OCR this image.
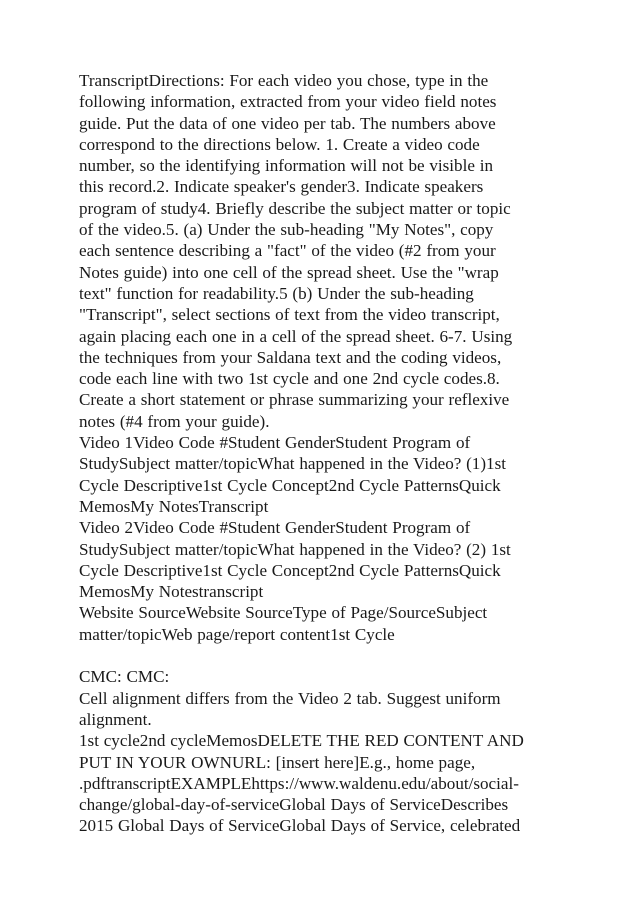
TranscriptDirections: For each video you chose, type in the
following information, extracted from your video field notes
guide. Put the data of one video per tab. The numbers above
correspond to the directions below. 1. Create a video code
number, so the identifying information will not be visible in
this record.2. Indicate speaker's gender3. Indicate speakers
program of study4. Briefly describe the subject matter or topic
of the video.5. (a) Under the sub-heading "My Notes", copy
each sentence describing a "fact" of the video (#2 from your
Notes guide) into one cell of the spread sheet. Use the "wrap
text" function for readability.5 (b) Under the sub-heading
"Transcript", select sections of text from the video transcript,
again placing each one in a cell of the spread sheet. 6-7. Using
the techniques from your Saldana text and the coding videos,
code each line with two 1st cycle and one 2nd cycle codes.8.
Create a short statement or phrase summarizing your reflexive
notes (#4 from your guide).
Video 1Video Code #Student GenderStudent Program of
StudySubject matter/topicWhat happened in the Video? (1)1st
Cycle Descriptive1st Cycle Concept2nd Cycle PatternsQuick
MemosMy NotesTranscript
Video 2Video Code #Student GenderStudent Program of
StudySubject matter/topicWhat happened in the Video? (2) 1st
Cycle Descriptive1st Cycle Concept2nd Cycle PatternsQuick
MemosMy Notestranscript
Website SourceWebsite SourceType of Page/SourceSubject
matter/topicWeb page/report content1st Cycle
CMC: CMC:
Cell alignment differs from the Video 2 tab. Suggest uniform
alignment.
1st cycle2nd cycleMemosDELETE THE RED CONTENT AND
PUT IN YOUR OWNURL: [insert here]E.g., home page,
.pdftranscriptEXAMPLEhttps://www.waldenu.edu/about/social-
change/global-day-of-serviceGlobal Days of ServiceDescribes
2015 Global Days of ServiceGlobal Days of Service, celebrated
